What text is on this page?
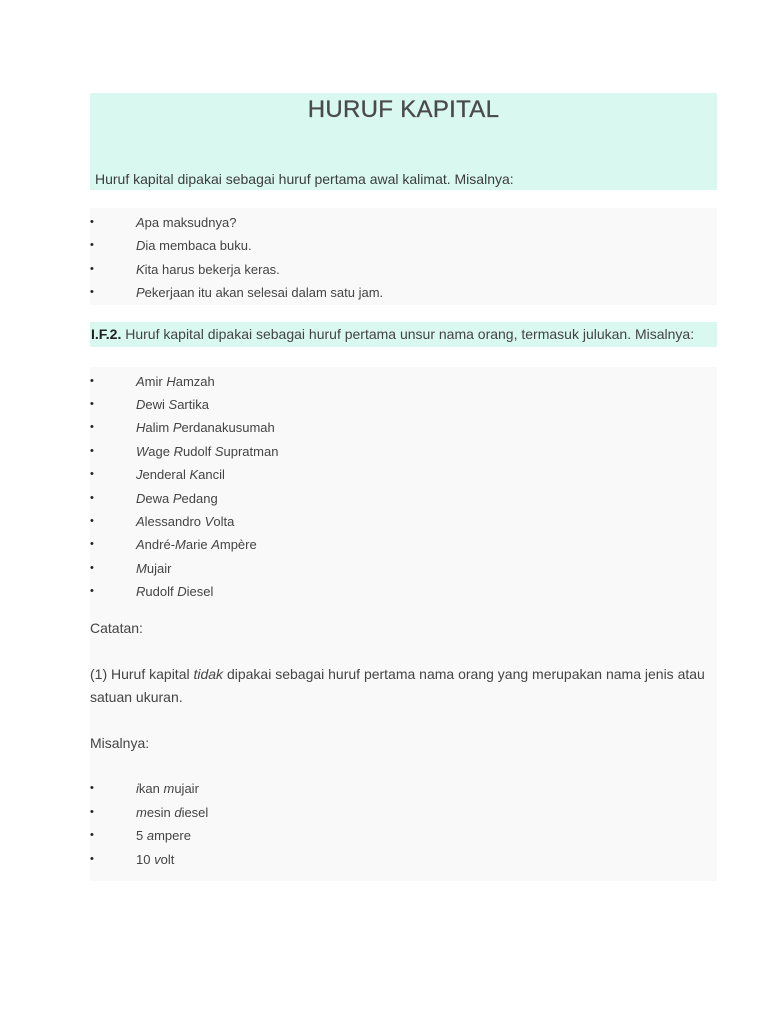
HURUF KAPITAL

Huruf kapital dipakai sebagai huruf pertama awal kalimat. Misalnya:

•	Apa maksudnya?
•	Dia membaca buku.
•	Kita harus bekerja keras.
•	Pekerjaan itu akan selesai dalam satu jam.
I.F.2. Huruf kapital dipakai sebagai huruf pertama unsur nama orang, termasuk julukan. Misalnya:
•	Amir Hamzah
•	Dewi Sartika
•	Halim Perdanakusumah
•	Wage Rudolf Supratman
•	Jenderal Kancil
•	Dewa Pedang
•	Alessandro Volta
•	André-Marie Ampère
•	Mujair
•	Rudolf Diesel

Catatan:

(1) Huruf kapital tidak dipakai sebagai huruf pertama nama orang yang merupakan nama jenis atau satuan ukuran.

Misalnya:

•	ikan mujair
•	mesin diesel
•	5 ampere
•	10 volt
